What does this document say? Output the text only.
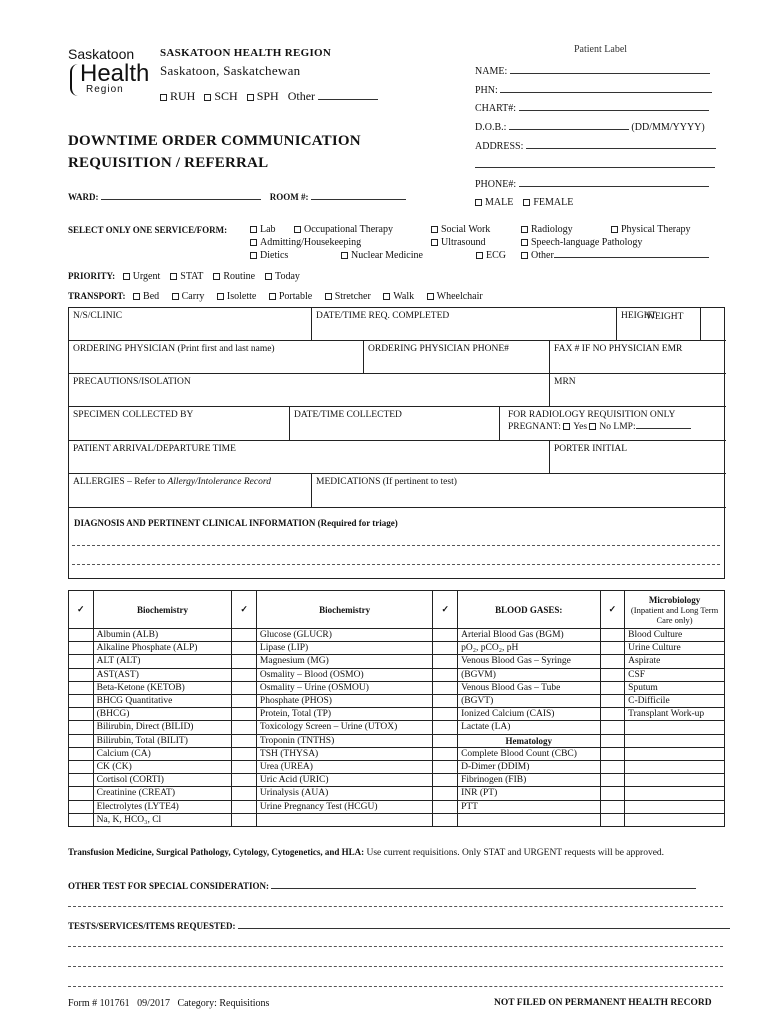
Saskatoon
Health
Region
SASKATOON HEALTH REGION
Saskatoon, Saskatchewan
RUH SCH SPH Other
DOWNTIME ORDER COMMUNICATION
REQUISITION / REFERRAL
Patient Label
NAME:
PHN:
CHART#:
D.O.B.:	(DD/MM/YYYY)
ADDRESS:
PHONE#:
MALE FEMALE
WARD:	ROOM #:
SELECT ONLY ONE SERVICE/FORM:	Lab	Occupational Therapy	Social Work	Radiology	Physical Therapy
Admitting/Housekeeping	Ultrasound	Speech-language Pathology
Dietics	Nuclear Medicine	ECG	Other
PRIORITY: Urgent STAT Routine Today
TRANSPORT: Bed Carry Isolette Portable Stretcher Walk Wheelchair
N/S/CLINIC	DATE/TIME REQ. COMPLETED	HEIGHT
WEIGHT
ORDERING PHYSICIAN (Print first and last name)	ORDERING PHYSICIAN PHONE#	FAX # IF NO PHYSICIAN EMR
PRECAUTIONS/ISOLATION	MRN
SPECIMEN COLLECTED BY	DATE/TIME COLLECTED	FOR RADIOLOGY REQUISITION ONLY
PREGNANT: Yes No LMP:
PATIENT ARRIVAL/DEPARTURE TIME	PORTER INITIAL
ALLERGIES – Refer to Allergy/Intolerance Record	MEDICATIONS (If pertinent to test)
DIAGNOSIS AND PERTINENT CLINICAL INFORMATION (Required for triage)
✓	Biochemistry	✓	Biochemistry	✓	BLOOD GASES:	✓	Microbiology
(Inpatient and Long Term Care only)

	Albumin (ALB)		Glucose (GLUCR)		Arterial Blood Gas (BGM)		Blood Culture
	Alkaline Phosphate (ALP)		Lipase (LIP)		pO₂, pCO₂, pH		Urine Culture
	ALT (ALT)		Magnesium (MG)		Venous Blood Gas – Syringe		Aspirate
	AST(AST)		Osmality – Blood (OSMO)		(BGVM)		CSF
	Beta-Ketone (KETOB)		Osmality – Urine (OSMOU)		Venous Blood Gas – Tube		Sputum
	BHCG Quantitative		Phosphate (PHOS)		(BGVT)		C-Difficile
	(BHCG)		Protein, Total (TP)		Ionized Calcium (CAIS)		Transplant Work-up
	Bilirubin, Direct (BILID)		Toxicology Screen – Urine (UTOX)		Lactate (LA)		
	Bilirubin, Total (BILIT)		Troponin (TNTHS)		Hematology		
	Calcium (CA)		TSH (THYSA)		Complete Blood Count (CBC)		
	CK (CK)		Urea (UREA)		D-Dimer (DDIM)		
	Cortisol (CORTI)		Uric Acid (URIC)		Fibrinogen (FIB)		
	Creatinine (CREAT)		Urinalysis (AUA)		INR (PT)		
	Electrolytes (LYTE4)		Urine Pregnancy Test (HCGU)		PTT		
	Na, K, HCO₃, Cl						
Transfusion Medicine, Surgical Pathology, Cytology, Cytogenetics, and HLA: Use current requisitions. Only STAT and URGENT requests will be approved.
OTHER TEST FOR SPECIAL CONSIDERATION:
TESTS/SERVICES/ITEMS REQUESTED:
Form # 101761   09/2017   Category: Requisitions	NOT FILED ON PERMANENT HEALTH RECORD
